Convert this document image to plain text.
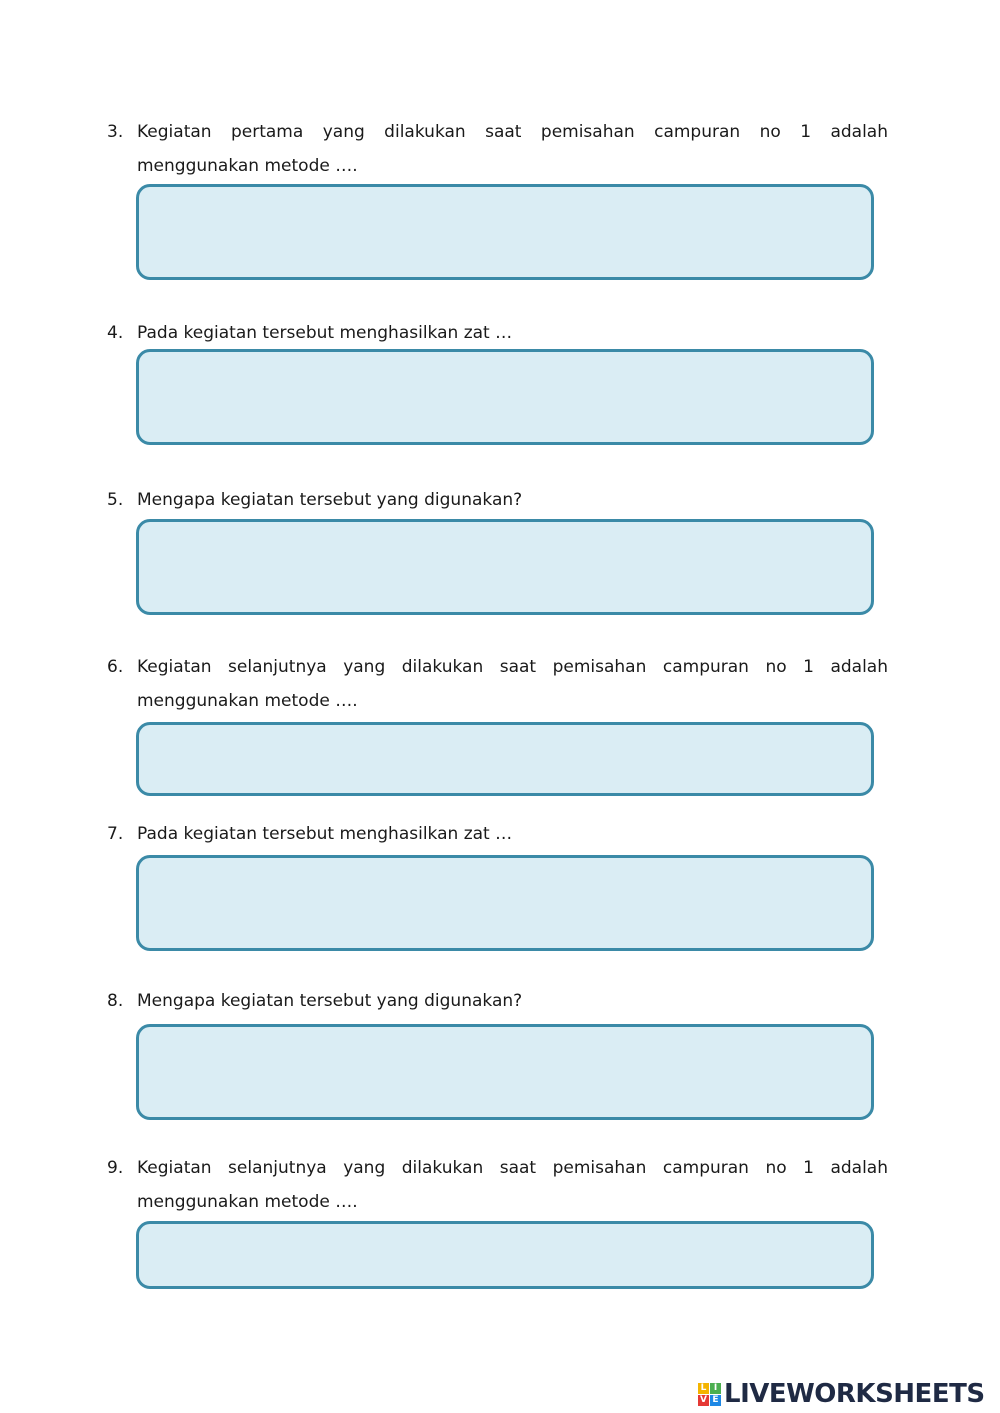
3. Kegiatan pertama yang dilakukan saat pemisahan campuran no 1 adalah menggunakan metode ….
4. Pada kegiatan tersebut menghasilkan zat …
5. Mengapa kegiatan tersebut yang digunakan?
6. Kegiatan selanjutnya yang dilakukan saat pemisahan campuran no 1 adalah menggunakan metode ….
7. Pada kegiatan tersebut menghasilkan zat …
8. Mengapa kegiatan tersebut yang digunakan?
9. Kegiatan selanjutnya yang dilakukan saat pemisahan campuran no 1 adalah menggunakan metode ….
L I
V E LIVEWORKSHEETS
